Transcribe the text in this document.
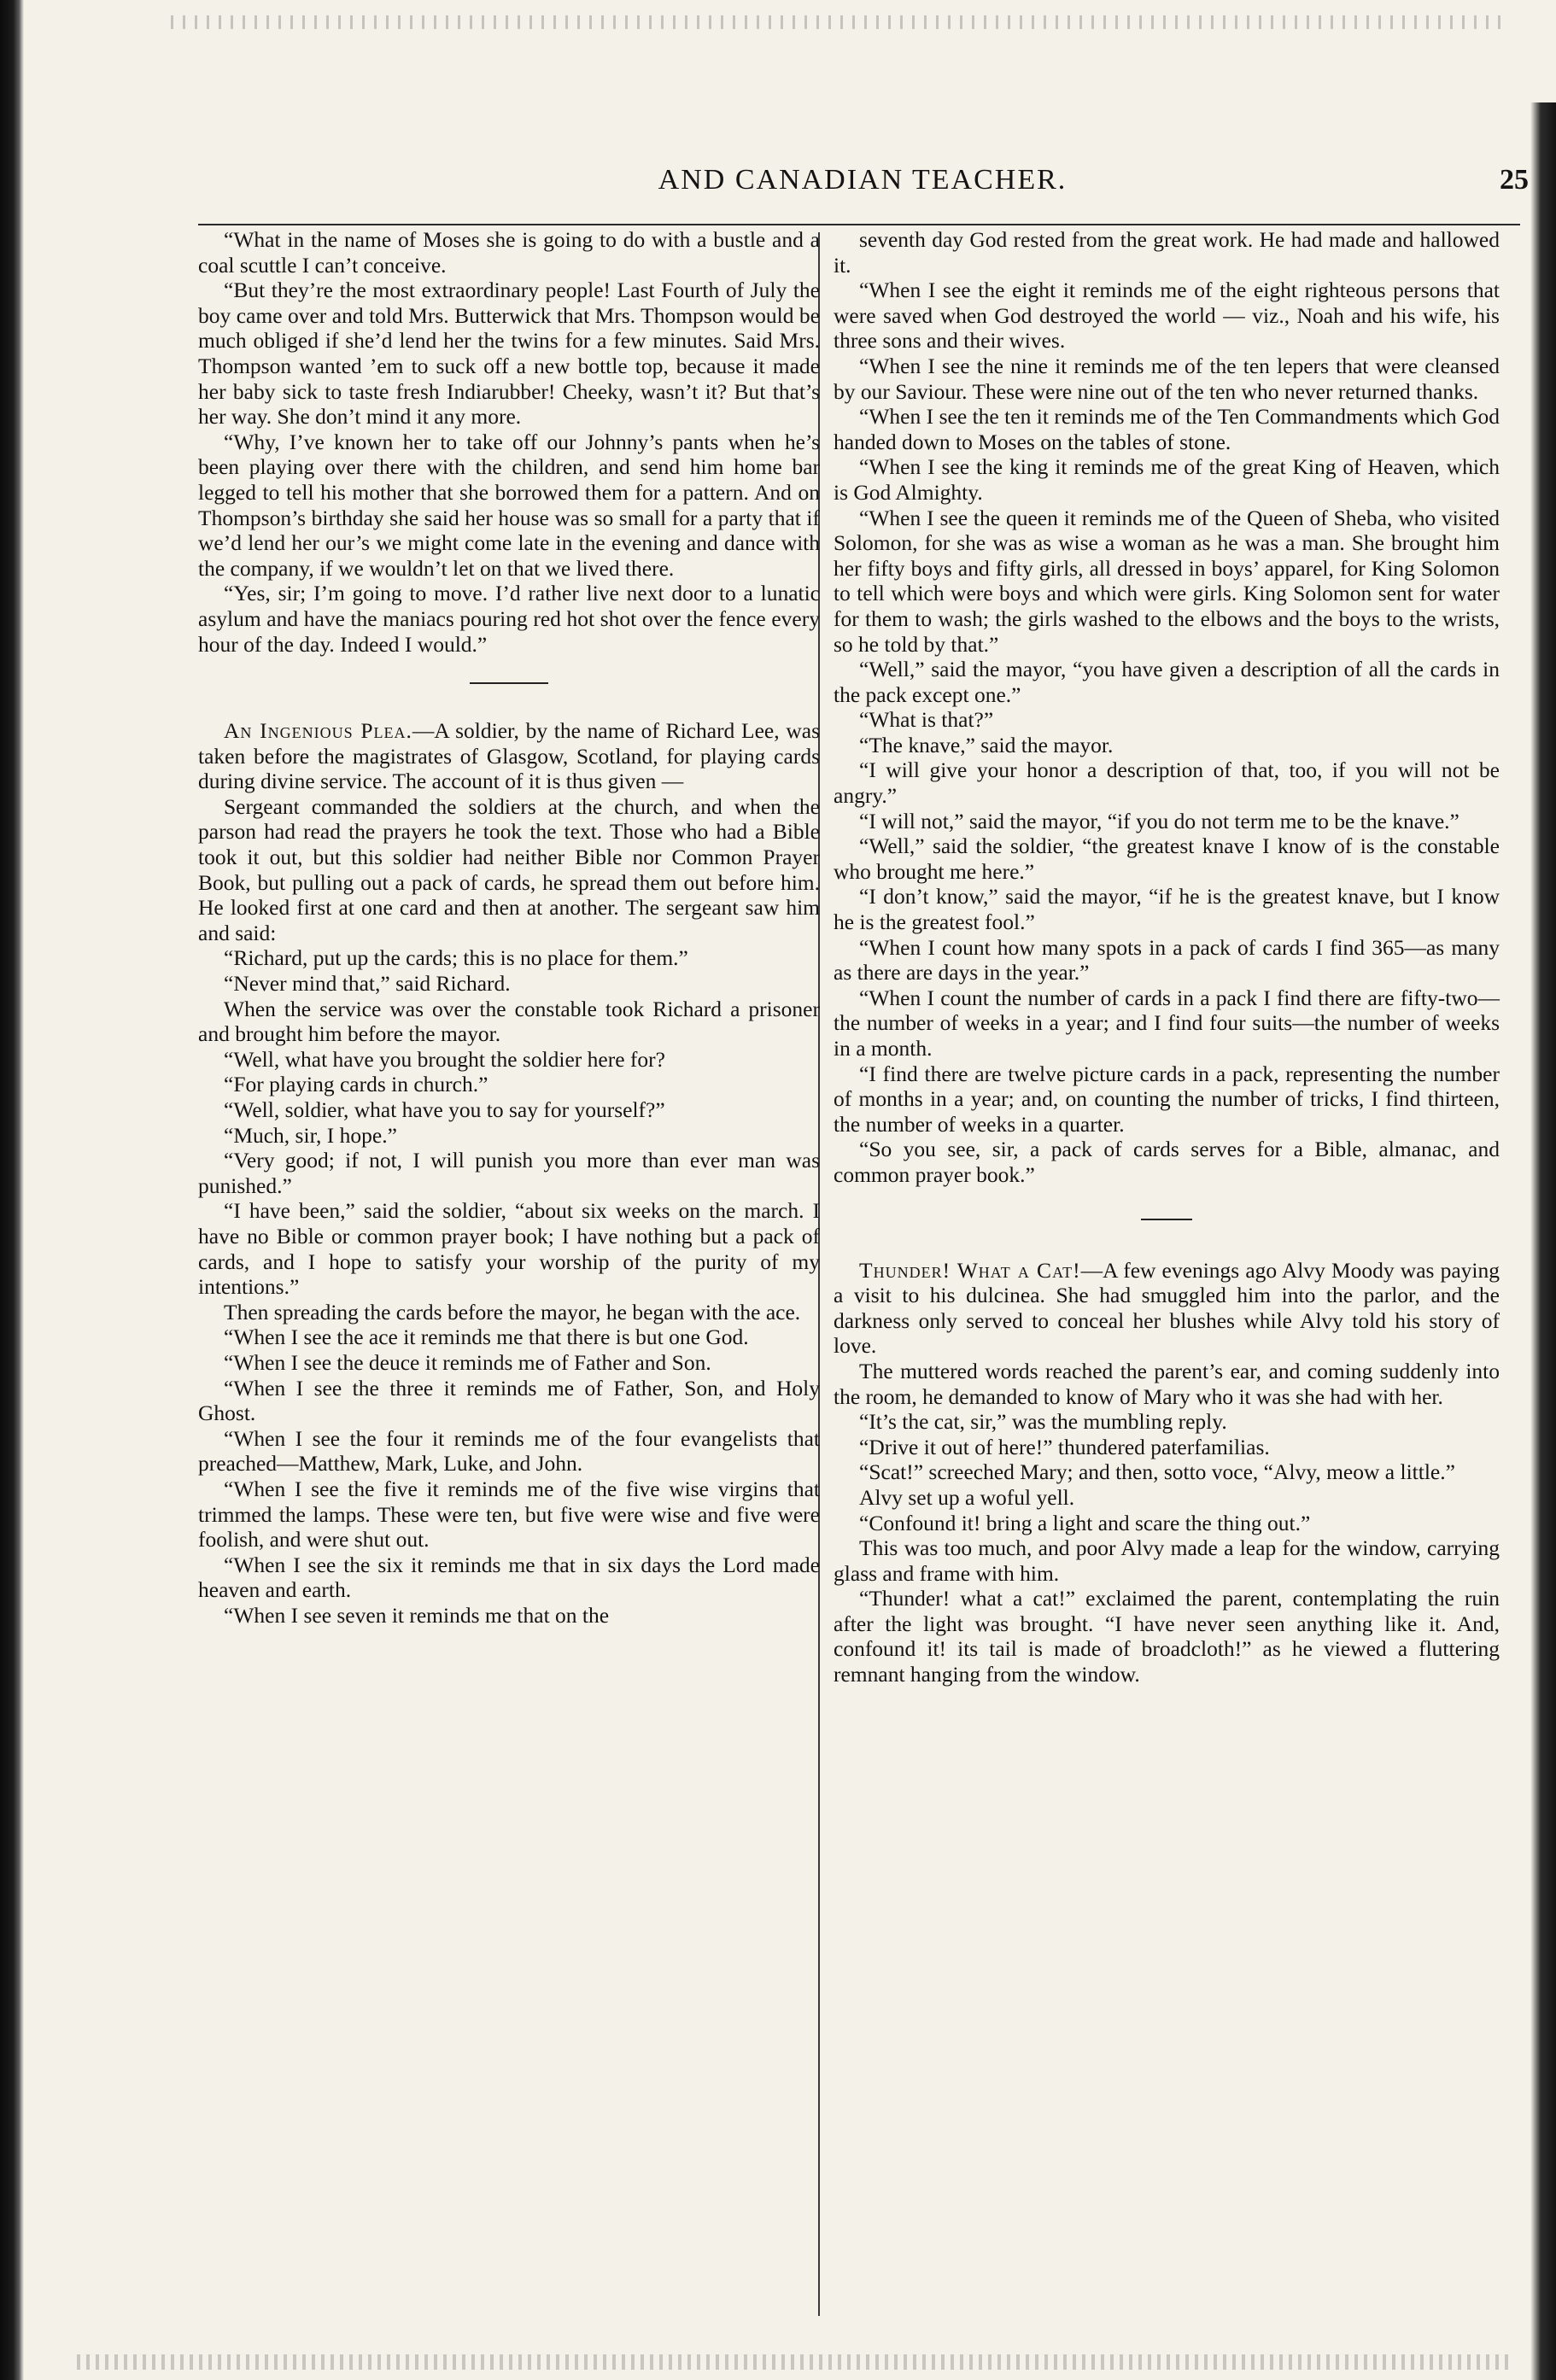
AND CANADIAN TEACHER.	25

“What in the name of Moses she is going to do with a bustle and a coal scuttle I can’t conceive.

“But they’re the most extraordinary people! Last Fourth of July the boy came over and told Mrs. Butterwick that Mrs. Thompson would be much obliged if she’d lend her the twins for a few minutes. Said Mrs. Thompson wanted ’em to suck off a new bottle top, because it made her baby sick to taste fresh Indiarubber! Cheeky, wasn’t it? But that’s her way. She don’t mind it any more.

“Why, I’ve known her to take off our Johnny’s pants when he’s been playing over there with the children, and send him home bar legged to tell his mother that she borrowed them for a pattern. And on Thompson’s birthday she said her house was so small for a party that if we’d lend her our’s we might come late in the evening and dance with the company, if we wouldn’t let on that we lived there.

“Yes, sir; I’m going to move. I’d rather live next door to a lunatic asylum and have the maniacs pouring red hot shot over the fence every hour of the day. Indeed I would.”

An Ingenious Plea.—A soldier, by the name of Richard Lee, was taken before the magistrates of Glasgow, Scotland, for playing cards during divine service. The account of it is thus given —

Sergeant commanded the soldiers at the church, and when the parson had read the prayers he took the text. Those who had a Bible took it out, but this soldier had neither Bible nor Common Prayer Book, but pulling out a pack of cards, he spread them out before him. He looked first at one card and then at another. The sergeant saw him and said:

“Richard, put up the cards; this is no place for them.”

“Never mind that,” said Richard.

When the service was over the constable took Richard a prisoner and brought him before the mayor.

“Well, what have you brought the soldier here for?

“For playing cards in church.”

“Well, soldier, what have you to say for yourself?”

“Much, sir, I hope.”

“Very good; if not, I will punish you more than ever man was punished.”

“I have been,” said the soldier, “about six weeks on the march. I have no Bible or common prayer book; I have nothing but a pack of cards, and I hope to satisfy your worship of the purity of my intentions.”

Then spreading the cards before the mayor, he began with the ace.

“When I see the ace it reminds me that there is but one God.

“When I see the deuce it reminds me of Father and Son.

“When I see the three it reminds me of Father, Son, and Holy Ghost.

“When I see the four it reminds me of the four evangelists that preached—Matthew, Mark, Luke, and John.

“When I see the five it reminds me of the five wise virgins that trimmed the lamps. These were ten, but five were wise and five were foolish, and were shut out.

“When I see the six it reminds me that in six days the Lord made heaven and earth.

“When I see seven it reminds me that on the

seventh day God rested from the great work. He had made and hallowed it.

“When I see the eight it reminds me of the eight righteous persons that were saved when God destroyed the world — viz., Noah and his wife, his three sons and their wives.

“When I see the nine it reminds me of the ten lepers that were cleansed by our Saviour. These were nine out of the ten who never returned thanks.

“When I see the ten it reminds me of the Ten Commandments which God handed down to Moses on the tables of stone.

“When I see the king it reminds me of the great King of Heaven, which is God Almighty.

“When I see the queen it reminds me of the Queen of Sheba, who visited Solomon, for she was as wise a woman as he was a man. She brought him her fifty boys and fifty girls, all dressed in boys’ apparel, for King Solomon to tell which were boys and which were girls. King Solomon sent for water for them to wash; the girls washed to the elbows and the boys to the wrists, so he told by that.”

“Well,” said the mayor, “you have given a description of all the cards in the pack except one.”

“What is that?”

“The knave,” said the mayor.

“I will give your honor a description of that, too, if you will not be angry.”

“I will not,” said the mayor, “if you do not term me to be the knave.”

“Well,” said the soldier, “the greatest knave I know of is the constable who brought me here.”

“I don’t know,” said the mayor, “if he is the greatest knave, but I know he is the greatest fool.”

“When I count how many spots in a pack of cards I find 365—as many as there are days in the year.”

“When I count the number of cards in a pack I find there are fifty-two—the number of weeks in a year; and I find four suits—the number of weeks in a month.

“I find there are twelve picture cards in a pack, representing the number of months in a year; and, on counting the number of tricks, I find thirteen, the number of weeks in a quarter.

“So you see, sir, a pack of cards serves for a Bible, almanac, and common prayer book.”

Thunder! What a Cat!—A few evenings ago Alvy Moody was paying a visit to his dulcinea. She had smuggled him into the parlor, and the darkness only served to conceal her blushes while Alvy told his story of love.

The muttered words reached the parent’s ear, and coming suddenly into the room, he demanded to know of Mary who it was she had with her.

“It’s the cat, sir,” was the mumbling reply.

“Drive it out of here!” thundered paterfamilias.

“Scat!” screeched Mary; and then, sotto voce, “Alvy, meow a little.”

Alvy set up a woful yell.

“Confound it! bring a light and scare the thing out.”

This was too much, and poor Alvy made a leap for the window, carrying glass and frame with him.

“Thunder! what a cat!” exclaimed the parent, contemplating the ruin after the light was brought. “I have never seen anything like it. And, confound it! its tail is made of broadcloth!” as he viewed a fluttering remnant hanging from the window.
